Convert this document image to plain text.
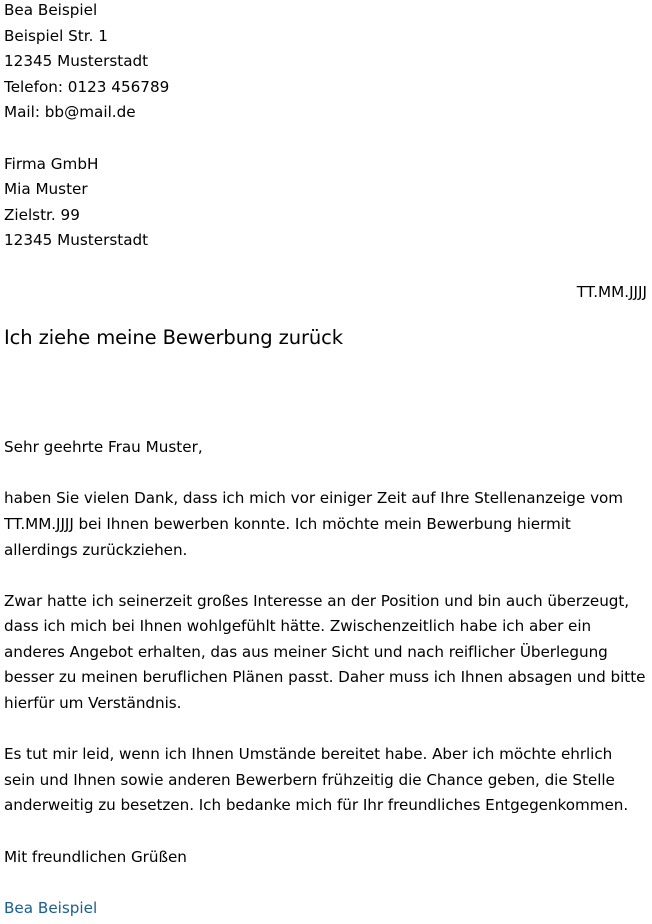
Bea Beispiel
Beispiel Str. 1
12345 Musterstadt
Telefon: 0123 456789
Mail: bb@mail.de
Firma GmbH
Mia Muster
Zielstr. 99
12345 Musterstadt
TT.MM.JJJJ
Ich ziehe meine Bewerbung zurück
Sehr geehrte Frau Muster,
haben Sie vielen Dank, dass ich mich vor einiger Zeit auf Ihre Stellenanzeige vom TT.MM.JJJJ bei Ihnen bewerben konnte. Ich möchte mein Bewerbung hiermit allerdings zurückziehen.
Zwar hatte ich seinerzeit großes Interesse an der Position und bin auch überzeugt, dass ich mich bei Ihnen wohlgefühlt hätte. Zwischenzeitlich habe ich aber ein anderes Angebot erhalten, das aus meiner Sicht und nach reiflicher Überlegung besser zu meinen beruflichen Plänen passt. Daher muss ich Ihnen absagen und bitte hierfür um Verständnis.
Es tut mir leid, wenn ich Ihnen Umstände bereitet habe. Aber ich möchte ehrlich sein und Ihnen sowie anderen Bewerbern frühzeitig die Chance geben, die Stelle anderweitig zu besetzen. Ich bedanke mich für Ihr freundliches Entgegenkommen.
Mit freundlichen Grüßen
Bea Beispiel
